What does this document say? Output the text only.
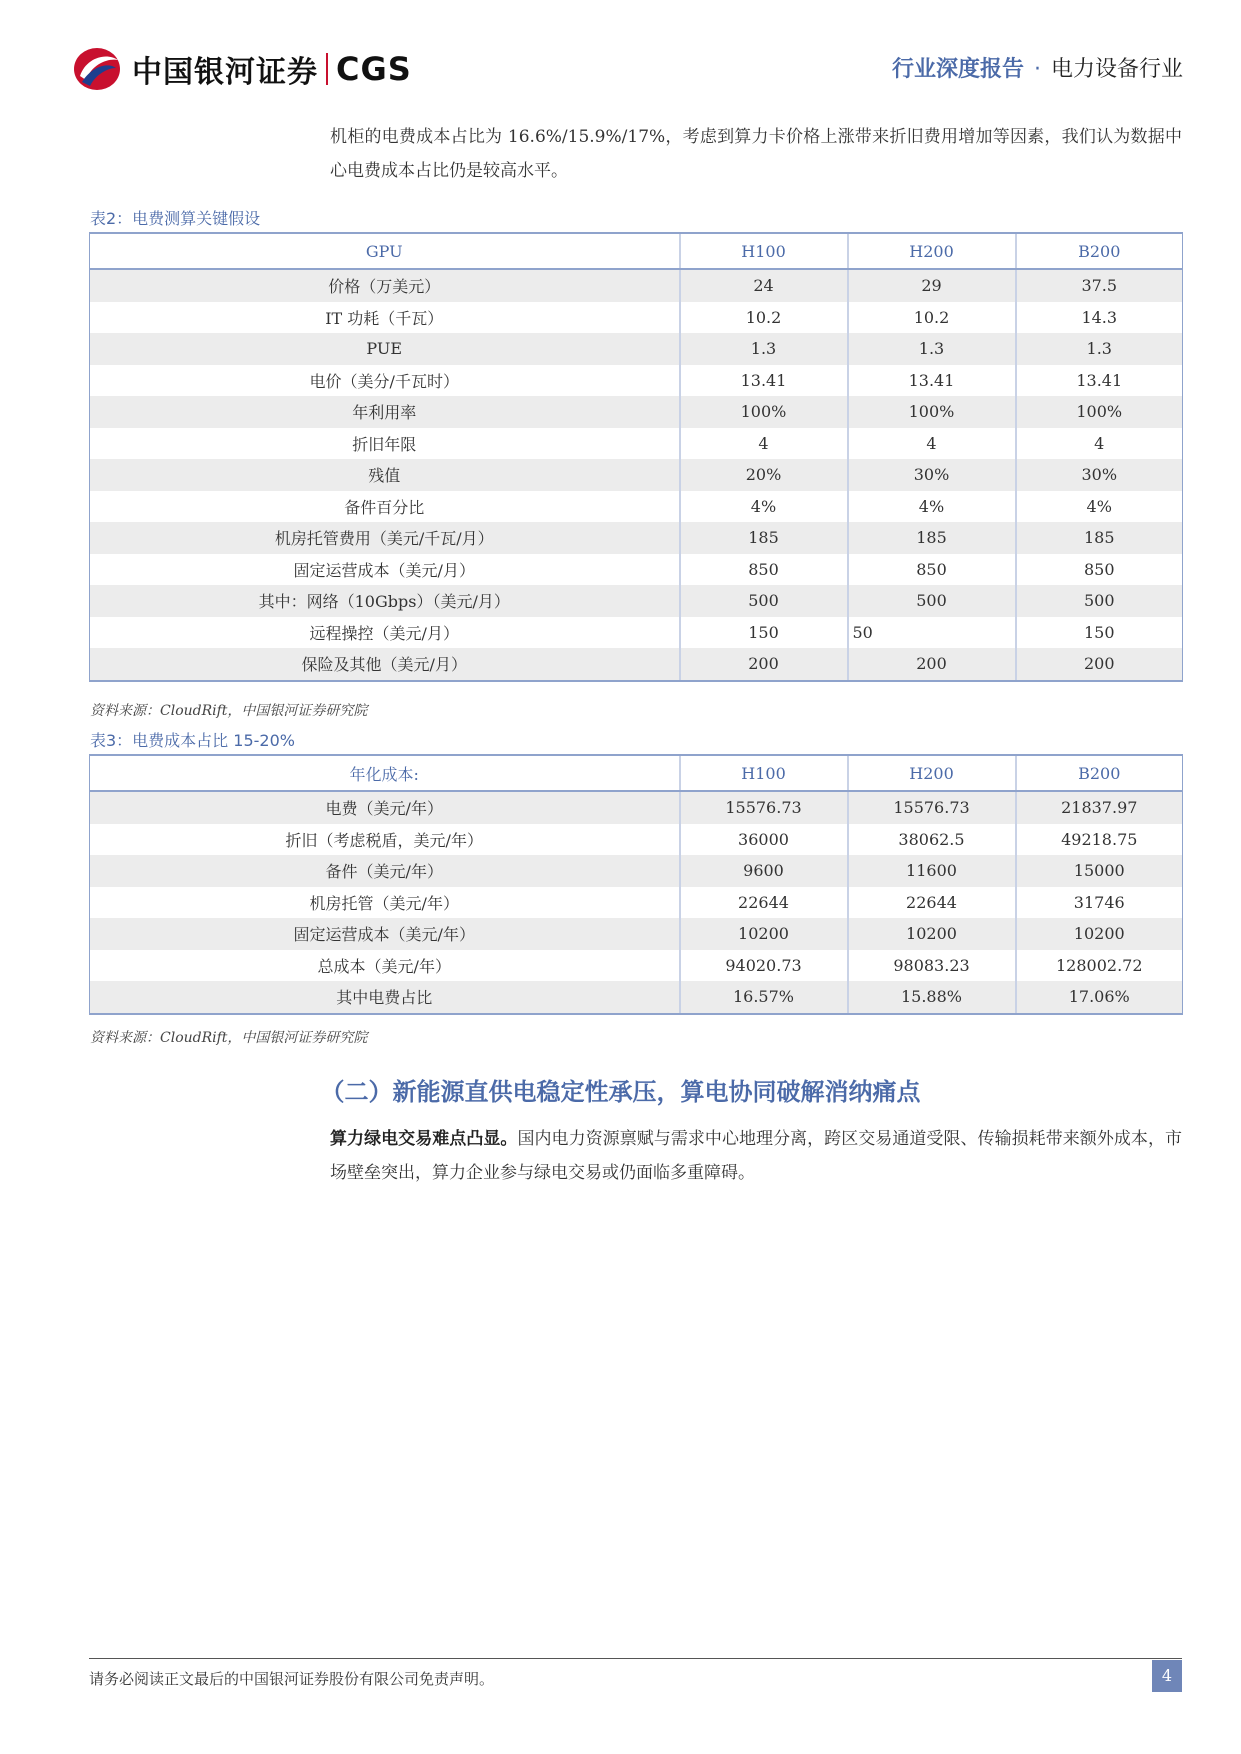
中国银河证券 CGS	行业深度报告 · 电力设备行业
机柜的电费成本占比为 16.6%/15.9%/17%，考虑到算力卡价格上涨带来折旧费用增加等因素，我们认为数据中心电费成本占比仍是较高水平。
表2：电费测算关键假设
GPU	H100	H200	B200
价格（万美元）	24	29	37.5
IT 功耗（千瓦）	10.2	10.2	14.3
PUE	1.3	1.3	1.3
电价（美分/千瓦时）	13.41	13.41	13.41
年利用率	100%	100%	100%
折旧年限	4	4	4
残值	20%	30%	30%
备件百分比	4%	4%	4%
机房托管费用（美元/千瓦/月）	185	185	185
固定运营成本（美元/月）	850	850	850
其中：网络（10Gbps）（美元/月）	500	500	500
远程操控（美元/月）	150	50	150
保险及其他（美元/月）	200	200	200
资料来源：CloudRift，中国银河证券研究院
表3：电费成本占比 15-20%
年化成本:	H100	H200	B200
电费（美元/年）	15576.73	15576.73	21837.97
折旧（考虑税盾，美元/年）	36000	38062.5	49218.75
备件（美元/年）	9600	11600	15000
机房托管（美元/年）	22644	22644	31746
固定运营成本（美元/年）	10200	10200	10200
总成本（美元/年）	94020.73	98083.23	128002.72
其中电费占比	16.57%	15.88%	17.06%
资料来源：CloudRift，中国银河证券研究院
（二）新能源直供电稳定性承压，算电协同破解消纳痛点
算力绿电交易难点凸显。国内电力资源禀赋与需求中心地理分离，跨区交易通道受限、传输损耗带来额外成本，市场壁垒突出，算力企业参与绿电交易或仍面临多重障碍。
请务必阅读正文最后的中国银河证券股份有限公司免责声明。	4
